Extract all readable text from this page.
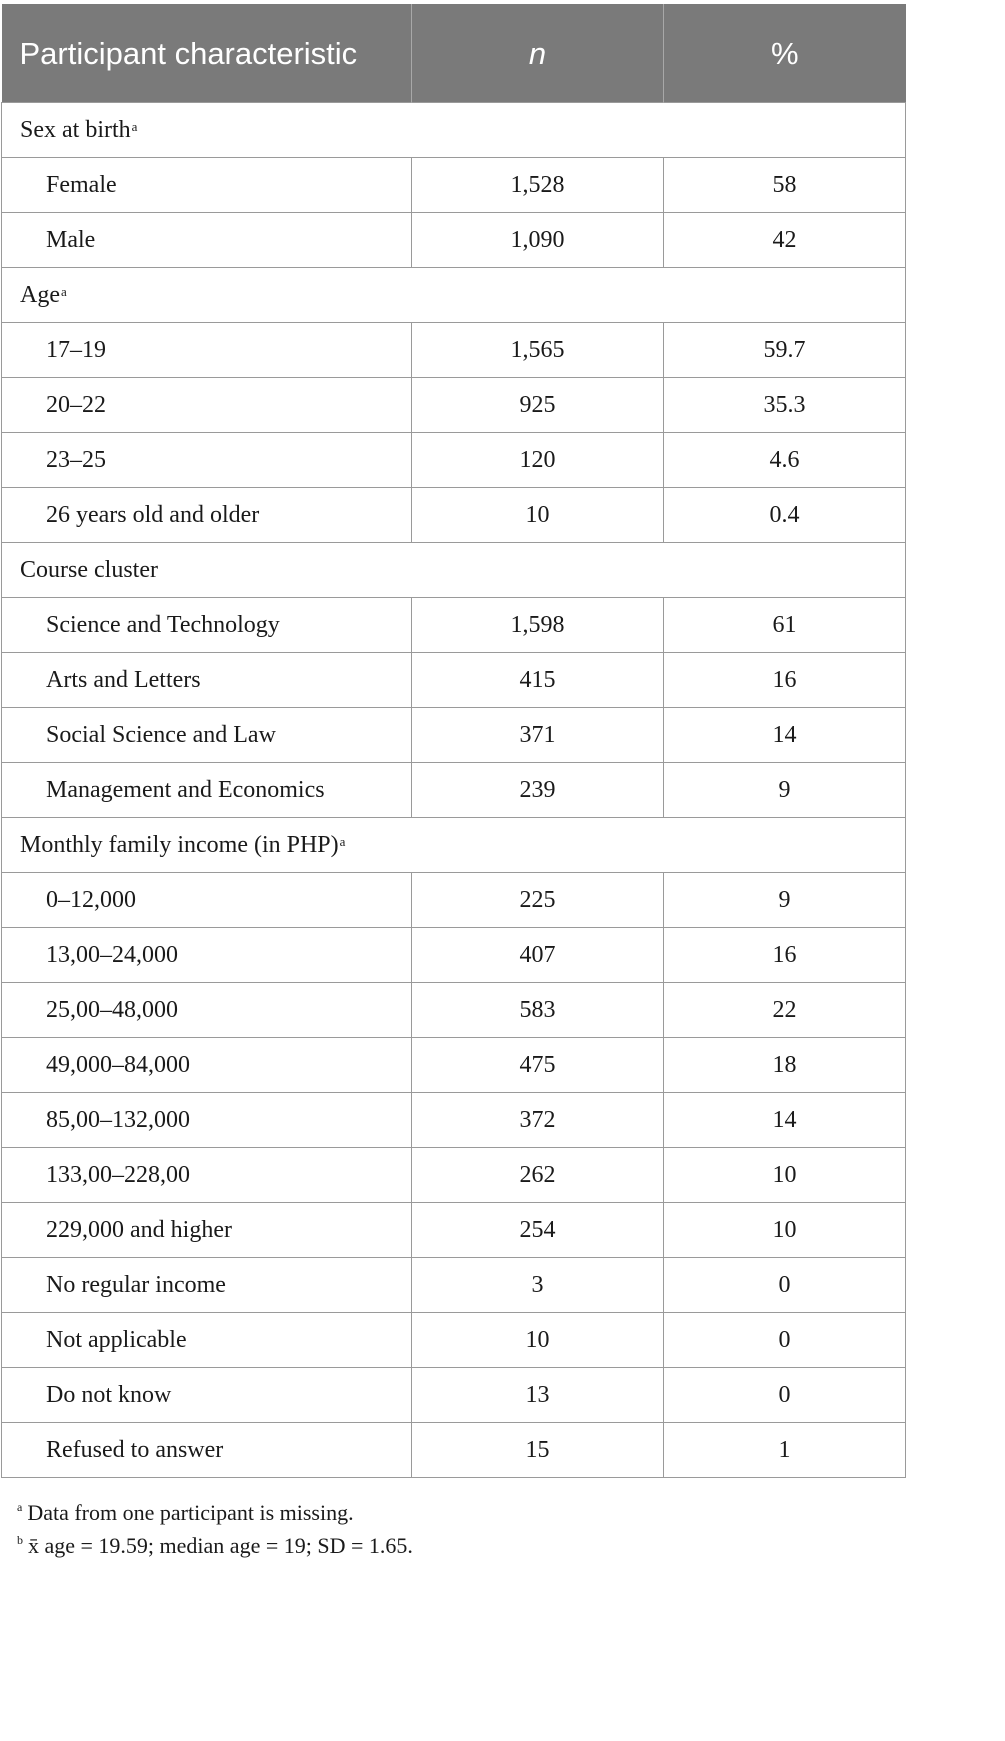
Participant characteristic	n	%
Sex at birth$^a$
Female	1,528	58
Male	1,090	42
Age$^a$
17–19	1,565	59.7
20–22	925	35.3
23–25	120	4.6
26 years old and older	10	0.4
Course cluster		
Science and Technology	1,598	61
Arts and Letters	415	16
Social Science and Law	371	14
Management and Economics	239	9
Monthly family income (in PHP)$^a$
0–12,000	225	9
13,00–24,000	407	16
25,00–48,000	583	22
49,000–84,000	475	18
85,00–132,000	372	14
133,00–228,00	262	10
229,000 and higher	254	10
No regular income	3	0
Not applicable	10	0
Do not know	13	0
Refused to answer	15	1
$^a$ Data from one participant is missing.
$^b$ x̄ age = 19.59; median age = 19; SD = 1.65.
